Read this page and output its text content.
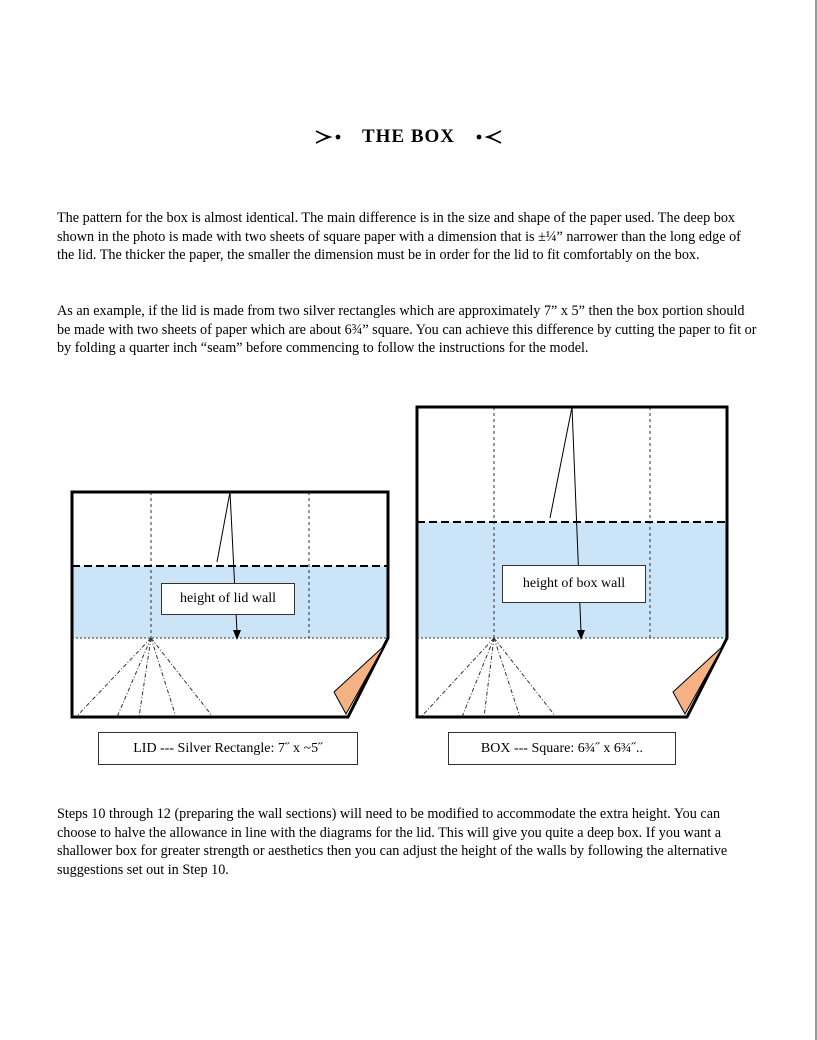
THE BOX

The pattern for the box is almost identical. The main difference is in the size and shape of the paper used. The deep box shown in the photo is made with two sheets of square paper with a dimension that is ±¼” narrower than the long edge of the lid. The thicker the paper, the smaller the dimension must be in order for the lid to fit comfortably on the box.

As an example, if the lid is made from two silver rectangles which are approximately 7” x 5” then the box portion should be made with two sheets of paper which are about 6¾” square. You can achieve this difference by cutting the paper to fit or by folding a quarter inch “seam” before commencing to follow the instructions for the model.

height of lid wall
height of box wall
LID --- Silver Rectangle: 7˝ x ~5˝	BOX --- Square: 6¾˝ x 6¾˝..

Steps 10 through 12 (preparing the wall sections) will need to be modified to accommodate the extra height. You can choose to halve the allowance in line with the diagrams for the lid. This will give you quite a deep box. If you want a shallower box for greater strength or aesthetics then you can adjust the height of the walls by following the alternative suggestions set out in Step 10.
